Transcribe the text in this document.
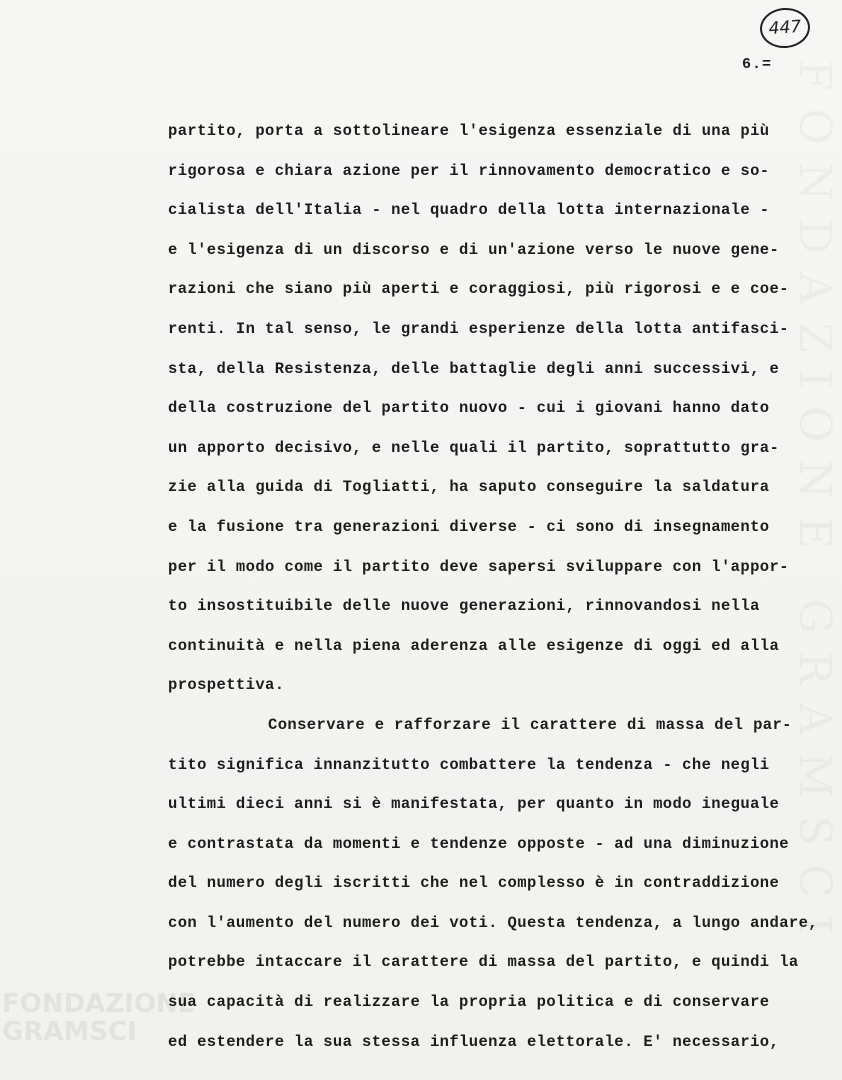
447
6.=
partito, porta a sottolineare l'esigenza essenziale di una più
rigorosa e chiara azione per il rinnovamento democratico e so-
cialista dell'Italia - nel quadro della lotta internazionale -
e l'esigenza di un discorso e di un'azione verso le nuove gene-
razioni che siano più aperti e coraggiosi, più rigorosi e e coe-
renti. In tal senso, le grandi esperienze della lotta antifasci-
sta, della Resistenza, delle battaglie degli anni successivi, e
della costruzione del partito nuovo - cui i giovani hanno dato
un apporto decisivo, e nelle quali il partito, soprattutto gra-
zie alla guida di Togliatti, ha saputo conseguire la saldatura
e la fusione tra generazioni diverse - ci sono di insegnamento
per il modo come il partito deve sapersi sviluppare con l'appor-
to insostituibile delle nuove generazioni, rinnovandosi nella
continuità e nella piena aderenza alle esigenze di oggi ed alla
prospettiva.
Conservare e rafforzare il carattere di massa del par-
tito significa innanzitutto combattere la tendenza - che negli
ultimi dieci anni si è manifestata, per quanto in modo ineguale
e contrastata da momenti e tendenze opposte - ad una diminuzione
del numero degli iscritti che nel complesso è in contraddizione
con l'aumento del numero dei voti. Questa tendenza, a lungo andare,
potrebbe intaccare il carattere di massa del partito, e quindi la
sua capacità di realizzare la propria politica e di conservare
ed estendere la sua stessa influenza elettorale. E' necessario,
FONDAZIONE
GRAMSCI
